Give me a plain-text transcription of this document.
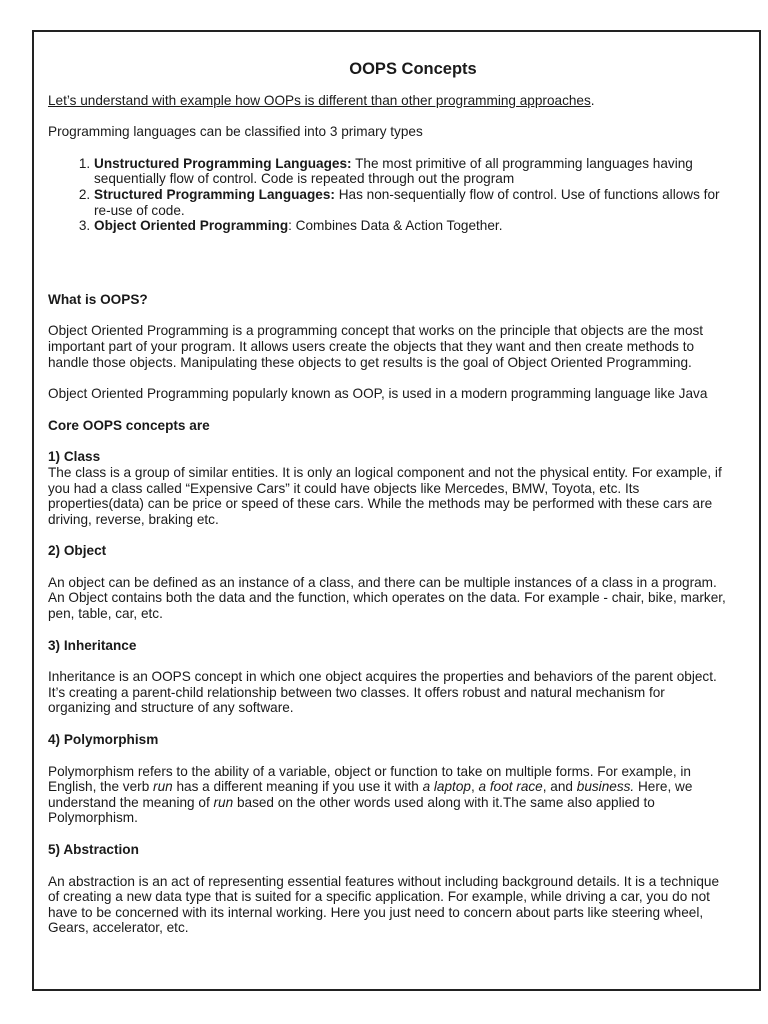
OOPS Concepts

Let’s understand with example how OOPs is different than other programming approaches.

Programming languages can be classified into 3 primary types

1. Unstructured Programming Languages: The most primitive of all programming languages having sequentially flow of control. Code is repeated through out the program
2. Structured Programming Languages: Has non-sequentially flow of control. Use of functions allows for re-use of code.
3. Object Oriented Programming: Combines Data & Action Together.

What is OOPS?

Object Oriented Programming is a programming concept that works on the principle that objects are the most important part of your program. It allows users create the objects that they want and then create methods to handle those objects. Manipulating these objects to get results is the goal of Object Oriented Programming.

Object Oriented Programming popularly known as OOP, is used in a modern programming language like Java

Core OOPS concepts are

1) Class

The class is a group of similar entities. It is only an logical component and not the physical entity. For example, if you had a class called “Expensive Cars” it could have objects like Mercedes, BMW, Toyota, etc. Its properties(data) can be price or speed of these cars. While the methods may be performed with these cars are driving, reverse, braking etc.

2) Object

An object can be defined as an instance of a class, and there can be multiple instances of a class in a program. An Object contains both the data and the function, which operates on the data. For example - chair, bike, marker, pen, table, car, etc.

3) Inheritance

Inheritance is an OOPS concept in which one object acquires the properties and behaviors of the parent object. It’s creating a parent-child relationship between two classes. It offers robust and natural mechanism for organizing and structure of any software.

4) Polymorphism

Polymorphism refers to the ability of a variable, object or function to take on multiple forms. For example, in English, the verb run has a different meaning if you use it with a laptop, a foot race, and business. Here, we understand the meaning of run based on the other words used along with it.The same also applied to Polymorphism.

5) Abstraction

An abstraction is an act of representing essential features without including background details. It is a technique of creating a new data type that is suited for a specific application. For example, while driving a car, you do not have to be concerned with its internal working. Here you just need to concern about parts like steering wheel, Gears, accelerator, etc.
